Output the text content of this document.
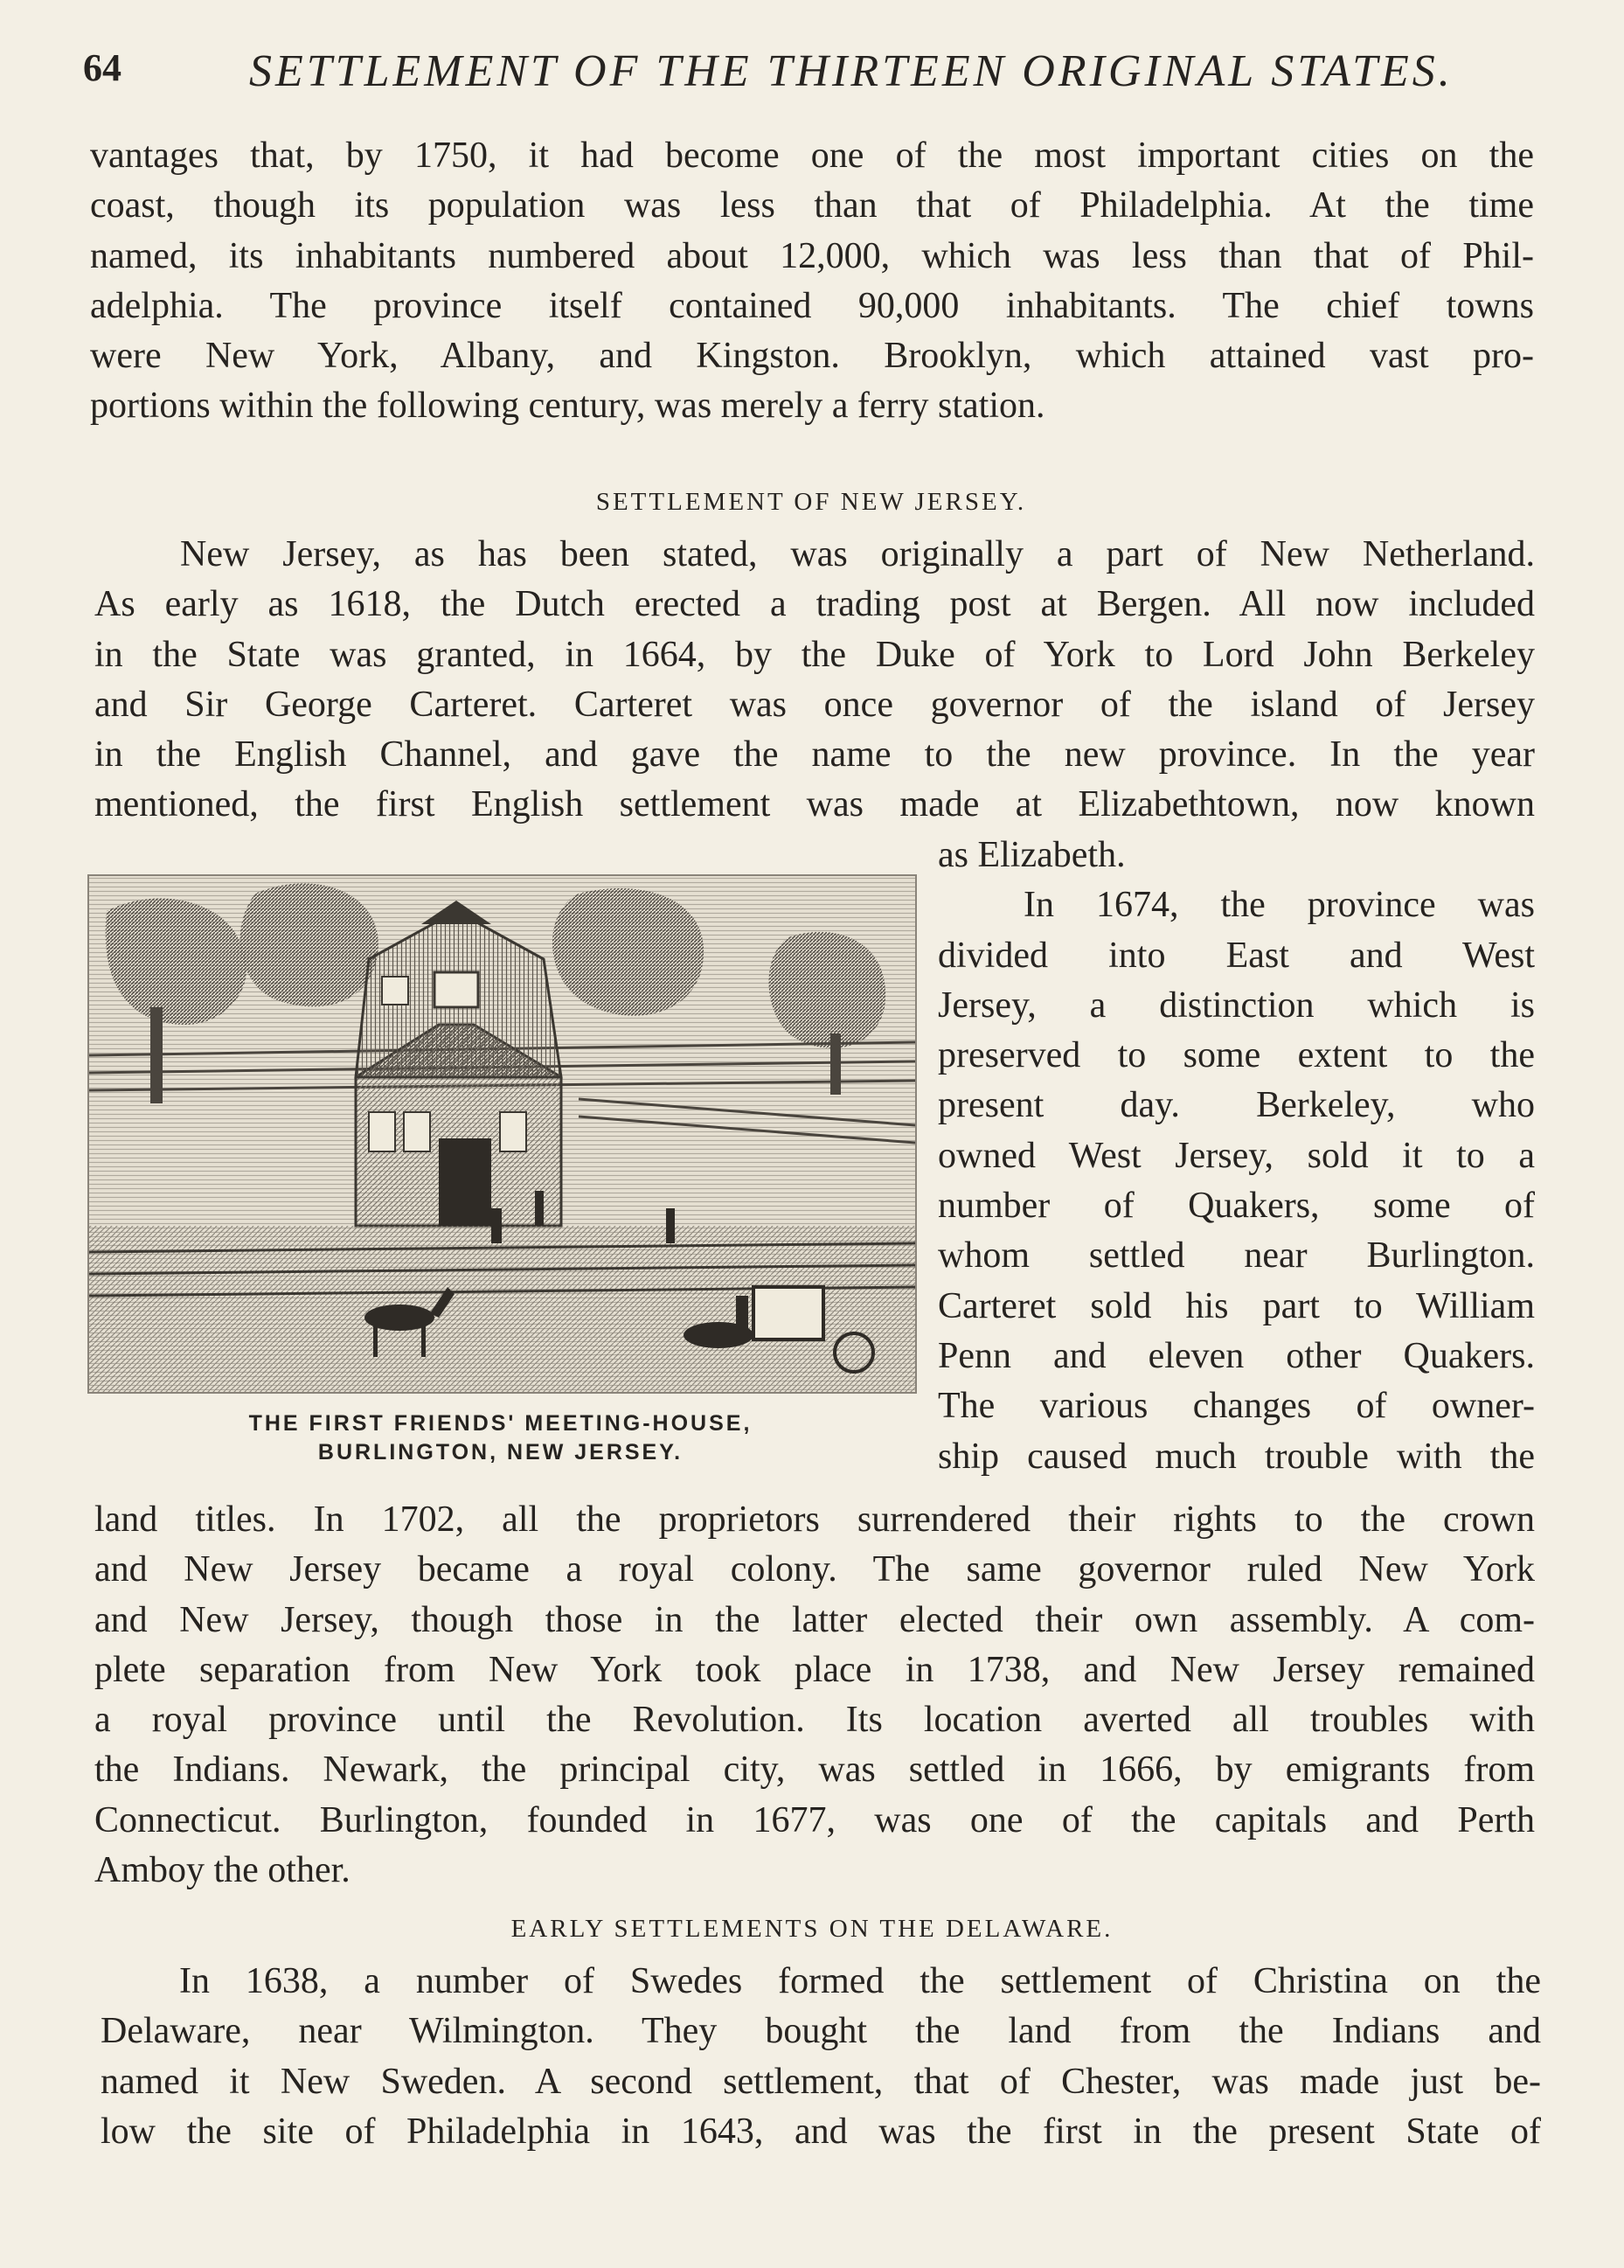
64	SETTLEMENT OF THE THIRTEEN ORIGINAL STATES.
vantages that, by 1750, it had become one of the most important cities on the
coast, though its population was less than that of Philadelphia. At the time
named, its inhabitants numbered about 12,000, which was less than that of Phil-
adelphia. The province itself contained 90,000 inhabitants. The chief towns
were New York, Albany, and Kingston. Brooklyn, which attained vast pro-
portions within the following century, was merely a ferry station.
SETTLEMENT OF NEW JERSEY.
New Jersey, as has been stated, was originally a part of New Netherland.
As early as 1618, the Dutch erected a trading post at Bergen. All now included
in the State was granted, in 1664, by the Duke of York to Lord John Berkeley
and Sir George Carteret. Carteret was once governor of the island of Jersey
in the English Channel, and gave the name to the new province. In the year
mentioned, the first English settlement was made at Elizabethtown, now known
as Elizabeth.
In 1674, the province was
divided into East and West
Jersey, a distinction which is
preserved to some extent to the
present day. Berkeley, who
owned West Jersey, sold it to a
number of Quakers, some of
whom settled near Burlington.
Carteret sold his part to William
Penn and eleven other Quakers.
The various changes of owner-
ship caused much trouble with the
THE FIRST FRIENDS' MEETING-HOUSE,
BURLINGTON, NEW JERSEY.
land titles. In 1702, all the proprietors surrendered their rights to the crown
and New Jersey became a royal colony. The same governor ruled New York
and New Jersey, though those in the latter elected their own assembly. A com-
plete separation from New York took place in 1738, and New Jersey remained
a royal province until the Revolution. Its location averted all troubles with
the Indians. Newark, the principal city, was settled in 1666, by emigrants from
Connecticut. Burlington, founded in 1677, was one of the capitals and Perth
Amboy the other.
EARLY SETTLEMENTS ON THE DELAWARE.
In 1638, a number of Swedes formed the settlement of Christina on the
Delaware, near Wilmington. They bought the land from the Indians and
named it New Sweden. A second settlement, that of Chester, was made just be-
low the site of Philadelphia in 1643, and was the first in the present State of
